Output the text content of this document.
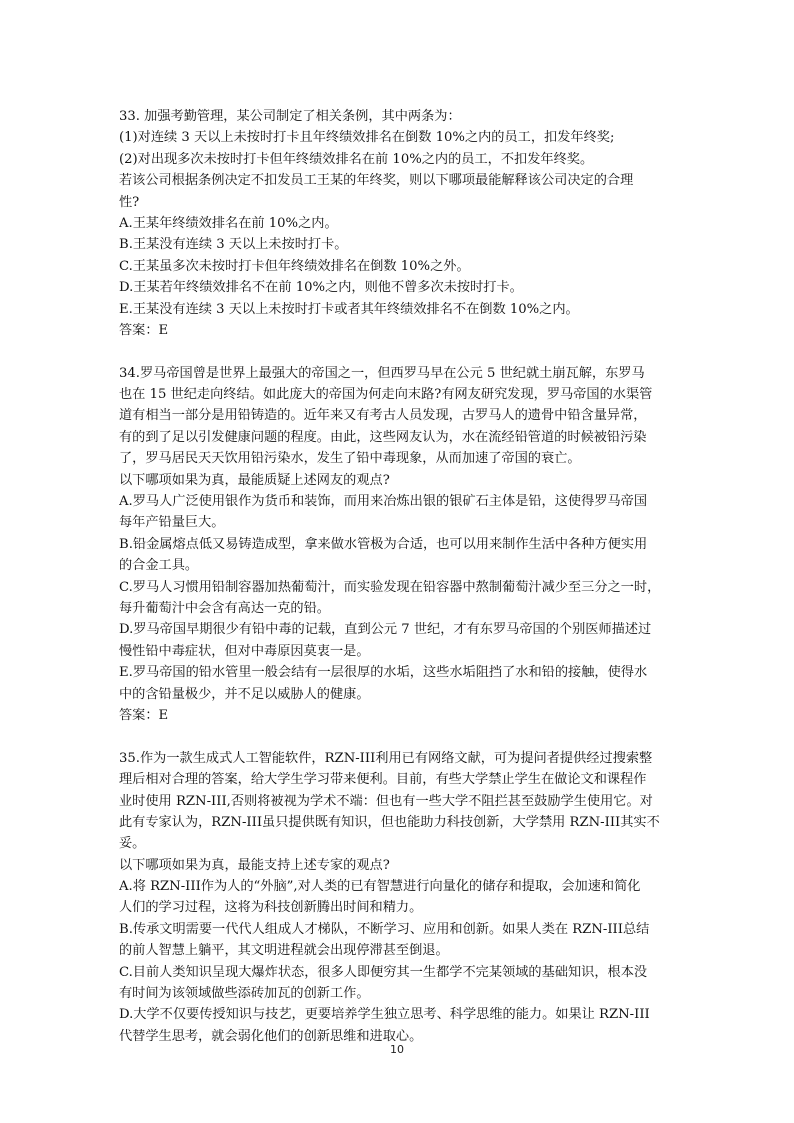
33. 加强考勤管理，某公司制定了相关条例，其中两条为：
(1)对连续 3 天以上未按时打卡且年终绩效排名在倒数 10%之内的员工，扣发年终奖;
(2)对出现多次未按时打卡但年终绩效排名在前 10%之内的员工，不扣发年终奖。
若该公司根据条例决定不扣发员工王某的年终奖，则以下哪项最能解释该公司决定的合理
性?
A.王某年终绩效排名在前 10%之内。
B.王某没有连续 3 天以上未按时打卡。
C.王某虽多次未按时打卡但年终绩效排名在倒数 10%之外。
D.王某若年终绩效排名不在前 10%之内，则他不曾多次未按时打卡。
E.王某没有连续 3 天以上未按时打卡或者其年终绩效排名不在倒数 10%之内。
答案：E
34.罗马帝国曾是世界上最强大的帝国之一，但西罗马早在公元 5 世纪就土崩瓦解，东罗马
也在 15 世纪走向终结。如此庞大的帝国为何走向末路?有网友研究发现，罗马帝国的水渠管
道有相当一部分是用铅铸造的。近年来又有考古人员发现，古罗马人的遗骨中铅含量异常，
有的到了足以引发健康问题的程度。由此，这些网友认为，水在流经铅管道的时候被铅污染
了，罗马居民天天饮用铅污染水，发生了铅中毒现象，从而加速了帝国的衰亡。
以下哪项如果为真，最能质疑上述网友的观点?
A.罗马人广泛使用银作为货币和装饰，而用来冶炼出银的银矿石主体是铅，这使得罗马帝国
每年产铅量巨大。
B.铅金属熔点低又易铸造成型，拿来做水管极为合适，也可以用来制作生活中各种方便实用
的合金工具。
C.罗马人习惯用铅制容器加热葡萄汁，而实验发现在铅容器中熬制葡萄汁减少至三分之一时，
每升葡萄汁中会含有高达一克的铅。
D.罗马帝国早期很少有铅中毒的记载，直到公元 7 世纪，才有东罗马帝国的个别医师描述过
慢性铅中毒症状，但对中毒原因莫衷一是。
E.罗马帝国的铅水管里一般会结有一层很厚的水垢，这些水垢阻挡了水和铅的接触，使得水
中的含铅量极少，并不足以威胁人的健康。
答案：E
35.作为一款生成式人工智能软件，RZN-III利用已有网络文献，可为提问者提供经过搜索整
理后相对合理的答案，给大学生学习带来便利。目前，有些大学禁止学生在做论文和课程作
业时使用 RZN-III,否则将被视为学术不端：但也有一些大学不阻拦甚至鼓励学生使用它。对
此有专家认为，RZN-III虽只提供既有知识，但也能助力科技创新，大学禁用 RZN-III其实不
妥。
以下哪项如果为真，最能支持上述专家的观点?
A.将 RZN-III作为人的“外脑”,对人类的已有智慧进行向量化的储存和提取，会加速和简化
人们的学习过程，这将为科技创新腾出时间和精力。
B.传承文明需要一代代人组成人才梯队，不断学习、应用和创新。如果人类在 RZN-III总结
的前人智慧上躺平，其文明进程就会出现停滞甚至倒退。
C.目前人类知识呈现大爆炸状态，很多人即便穷其一生都学不完某领域的基础知识，根本没
有时间为该领域做些添砖加瓦的创新工作。
D.大学不仅要传授知识与技艺，更要培养学生独立思考、科学思维的能力。如果让 RZN-III
代替学生思考，就会弱化他们的创新思维和进取心。
10
